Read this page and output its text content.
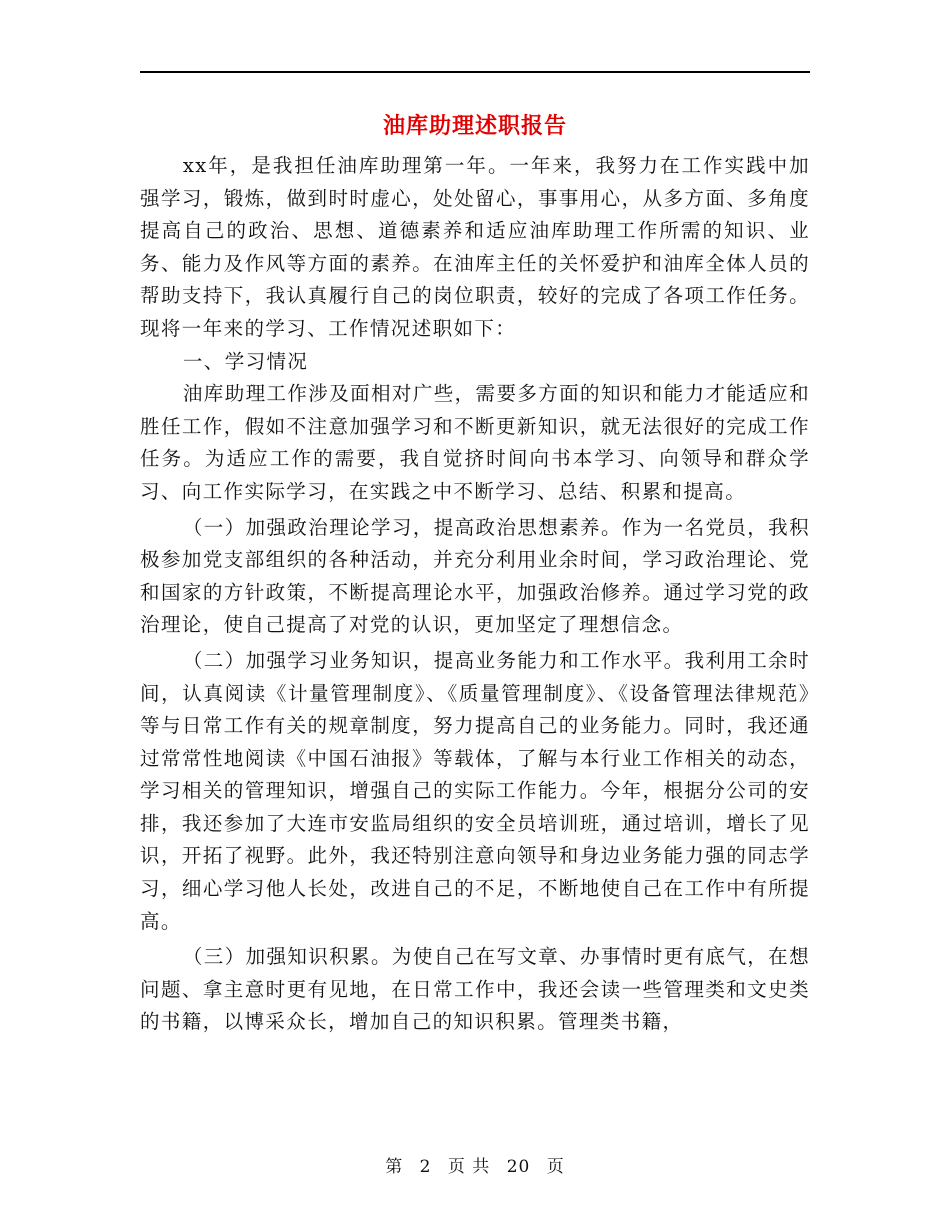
油库助理述职报告

xx年，是我担任油库助理第一年。一年来，我努力在工作实践中加强学习，锻炼，做到时时虚心，处处留心，事事用心，从多方面、多角度提高自己的政治、思想、道德素养和适应油库助理工作所需的知识、业务、能力及作风等方面的素养。在油库主任的关怀爱护和油库全体人员的帮助支持下，我认真履行自己的岗位职责，较好的完成了各项工作任务。现将一年来的学习、工作情况述职如下：

一、学习情况

油库助理工作涉及面相对广些，需要多方面的知识和能力才能适应和胜任工作，假如不注意加强学习和不断更新知识，就无法很好的完成工作任务。为适应工作的需要，我自觉挤时间向书本学习、向领导和群众学习、向工作实际学习，在实践之中不断学习、总结、积累和提高。

（一）加强政治理论学习，提高政治思想素养。作为一名党员，我积极参加党支部组织的各种活动，并充分利用业余时间，学习政治理论、党和国家的方针政策，不断提高理论水平，加强政治修养。通过学习党的政治理论，使自己提高了对党的认识，更加坚定了理想信念。

（二）加强学习业务知识，提高业务能力和工作水平。我利用工余时间，认真阅读《计量管理制度》、《质量管理制度》、《设备管理法律规范》等与日常工作有关的规章制度，努力提高自己的业务能力。同时，我还通过常常性地阅读《中国石油报》等载体，了解与本行业工作相关的动态，学习相关的管理知识，增强自己的实际工作能力。今年，根据分公司的安排，我还参加了大连市安监局组织的安全员培训班，通过培训，增长了见识，开拓了视野。此外，我还特别注意向领导和身边业务能力强的同志学习，细心学习他人长处，改进自己的不足，不断地使自己在工作中有所提高。

（三）加强知识积累。为使自己在写文章、办事情时更有底气，在想问题、拿主意时更有见地，在日常工作中，我还会读一些管理类和文史类的书籍，以博采众长，增加自己的知识积累。管理类书籍，

第 2 页 共 20 页
